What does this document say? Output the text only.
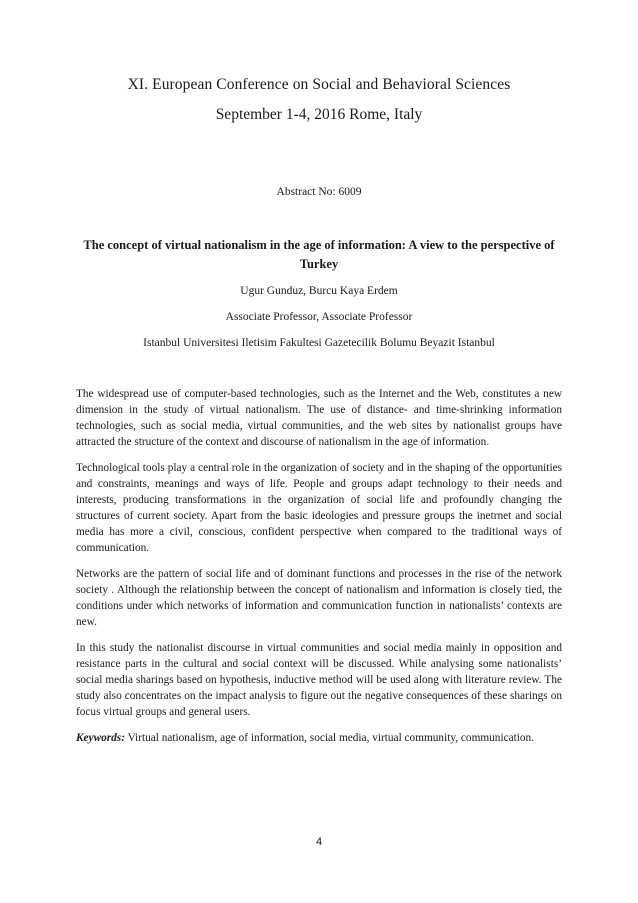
XI. European Conference on Social and Behavioral Sciences
September 1-4, 2016 Rome, Italy
Abstract No: 6009
The concept of virtual nationalism in the age of information: A view to the perspective of Turkey
Ugur Gunduz, Burcu Kaya Erdem
Associate Professor, Associate Professor
Istanbul Universitesi Iletisim Fakultesi Gazetecilik Bolumu Beyazit Istanbul

The widespread use of computer-based technologies, such as the Internet and the Web, constitutes a new dimension in the study of virtual nationalism. The use of distance- and time-shrinking information technologies, such as social media, virtual communities, and the web sites by nationalist groups have attracted the structure of the context and discourse of nationalism in the age of information.

Technological tools play a central role in the organization of society and in the shaping of the opportunities and constraints, meanings and ways of life. People and groups adapt technology to their needs and interests, producing transformations in the organization of social life and profoundly changing the structures of current society. Apart from the basic ideologies and pressure groups the inetrnet and social media has more a civil, conscious, confident perspective when compared to the traditional ways of communication.

Networks are the pattern of social life and of dominant functions and processes in the rise of the network society . Although the relationship between the concept of nationalism and information is closely tied, the conditions under which networks of information and communication function in nationalists’ contexts are new.

In this study the nationalist discourse in virtual communities and social media mainly in opposition and resistance parts in the cultural and social context will be discussed. While analysing some nationalists’ social media sharings based on hypothesis, inductive method will be used along with literature review. The study also concentrates on the impact analysis to figure out the negative consequences of these sharings on focus virtual groups and general users.

Keywords: Virtual nationalism, age of information, social media, virtual community, communication.

4
